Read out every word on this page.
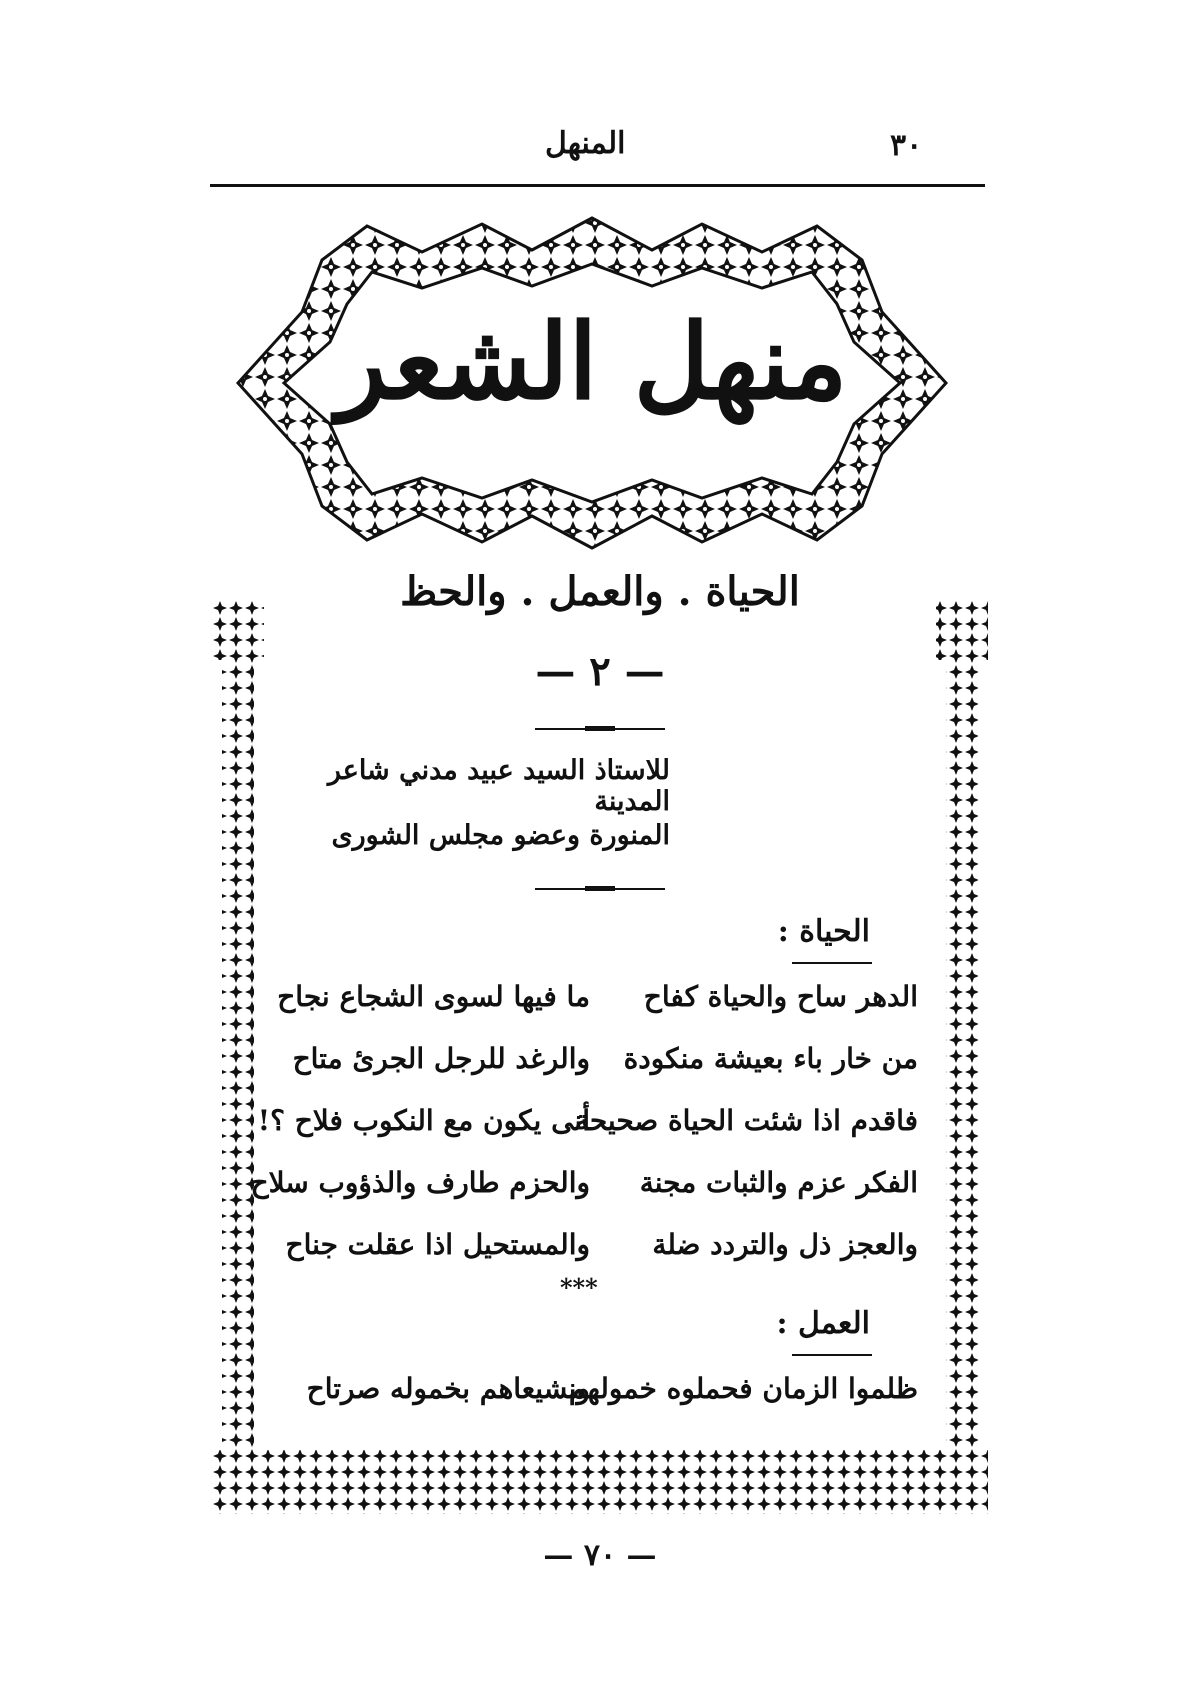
٣٠
المنهل
منهل الشعر
الحياة . والعمل . والحظ
— ٢ —
للاستاذ السيد عبيد مدني شاعر المدينة
المنورة وعضو مجلس الشورى
الحياة :
الدهر ساح والحياة كفاح
ما فيها لسوى الشجاع نجاح
من خار باء بعيشة منكودة
والرغد للرجل الجرئ متاح
فاقدم اذا شئت الحياة صحيحة
أنى يكون مع النكوب فلاح ؟!
الفكر عزم والثبات مجنة
والحزم طارف والذؤوب سلاح
والعجز ذل والتردد ضلة
والمستحيل اذا عقلت جناح
***
العمل :
ظلموا الزمان فحملوه خمولهم
ونشيعاهم بخموله صرتاح
— ٧٠ —
